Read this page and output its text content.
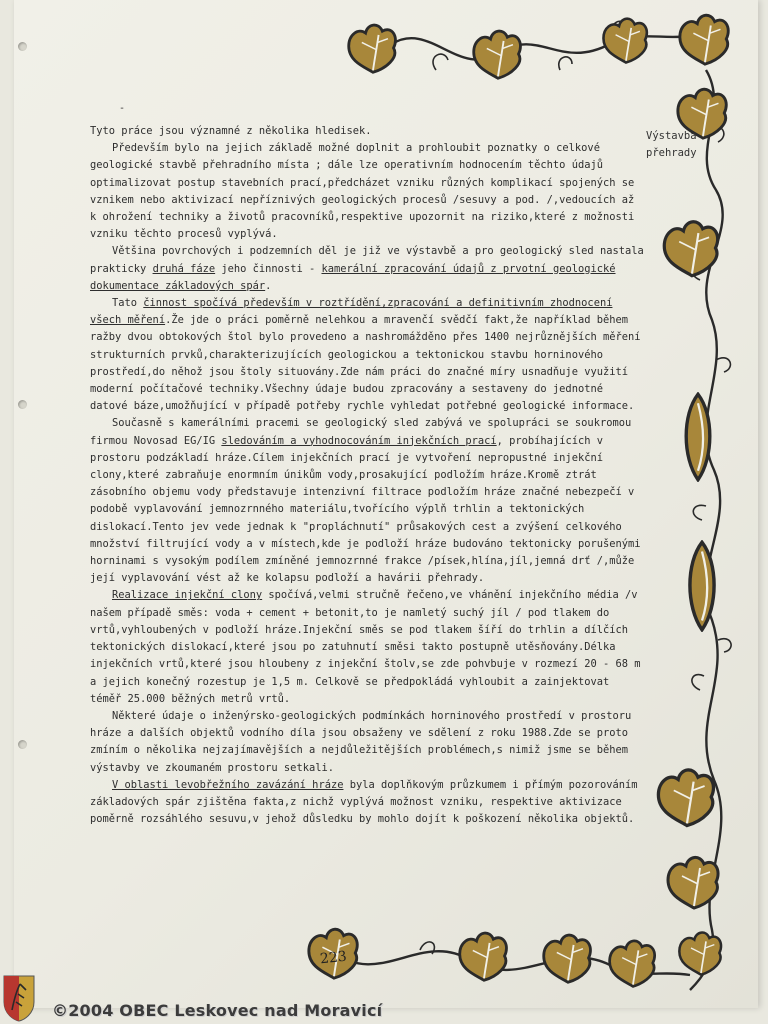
-
Výstavba přehrady

Tyto práce jsou významné z několika hledisek.

Především bylo na jejich základě možné doplnit a prohloubit poznatky o celkové geologické stavbě přehradního místa ; dále lze operativním hodnocením těchto údajů optimalizovat postup stavebních prací,předcházet vzniku různých komplikací spojených se vznikem nebo aktivizací nepříznivých geologických procesů /sesuvy a pod. /,vedoucích až k ohrožení techniky a životů pracovníků,respektive upozornit na riziko,které z možnosti vzniku těchto procesů vyplývá.

Většina povrchových i podzemních děl je již ve výstavbě a pro geologický sled nastala prakticky druhá fáze jeho činnosti - kamerální zpracování údajů z prvotní geologické dokumentace základových spár.

Tato činnost spočívá především v roztřídění,zpracování a definitivním zhodnocení všech měření.Že jde o práci poměrně nelehkou a mravenčí svědčí fakt,že například během ražby dvou obtokových štol bylo provedeno a nashromážděno přes 1400 nejrůznějších měření strukturních prvků,charakterizujících geologickou a tektonickou stavbu horninového prostředí,do něhož jsou štoly situovány.Zde nám práci do značné míry usnadňuje využití moderní počítačové techniky.Všechny údaje budou zpracovány a sestaveny do jednotné datové báze,umožňující v případě potřeby rychle vyhledat potřebné geologické informace.

Současně s kamerálními pracemi se geologický sled zabývá ve spolupráci se soukromou firmou Novosad EG/IG sledováním a vyhodnocováním injekčních prací, probíhajících v prostoru podzákladí hráze.Cílem injekčních prací je vytvoření nepropustné injekční clony,které zabraňuje enormním únikům vody,prosakující podložím hráze.Kromě ztrát zásobního objemu vody představuje intenzivní filtrace podložím hráze značné nebezpečí v podobě vyplavování jemnozrnného materiálu,tvořícího výplň trhlin a tektonických dislokací.Tento jev vede jednak k "propláchnutí" průsakových cest a zvýšení celkového množství filtrující vody a v místech,kde je podloží hráze budováno tektonicky porušenými horninami s vysokým podílem zmíněné jemnozrnné frakce /písek,hlína,jíl,jemná drť /,může její vyplavování vést až ke kolapsu podloží a havárii přehrady.

Realizace injekční clony spočívá,velmi stručně řečeno,ve vhánění injekčního média /v našem případě směs: voda + cement + betonit,to je namletý suchý jíl / pod tlakem do vrtů,vyhloubených v podloží hráze.Injekční směs se pod tlakem šíří do trhlin a dílčích tektonických dislokací,které jsou po zatuhnutí směsi takto postupně utěsňovány.Délka injekčních vrtů,které jsou hloubeny z injekční štolv,se zde pohvbuje v rozmezí 20 - 68 m a jejich konečný rozestup je 1,5 m. Celkově se předpokládá vyhloubit a zainjektovat téměř 25.000 běžných metrů vrtů.

Některé údaje o inženýrsko-geologických podmínkách horninového prostředí v prostoru hráze a dalších objektů vodního díla jsou obsaženy ve sdělení z roku 1988.Zde se proto zmíním o několika nejzajímavějších a nejdůležitějších problémech,s nimiž jsme se během výstavby ve zkoumaném prostoru setkali.

V oblasti levobřežního zavázání hráze byla doplňkovým průzkumem i přímým pozorováním základových spár zjištěna fakta,z nichž vyplývá možnost vzniku, respektive aktivizace poměrně rozsáhlého sesuvu,v jehož důsledku by mohlo dojít k poškození několika objektů.

223
©2004 OBEC Leskovec nad Moravicí
